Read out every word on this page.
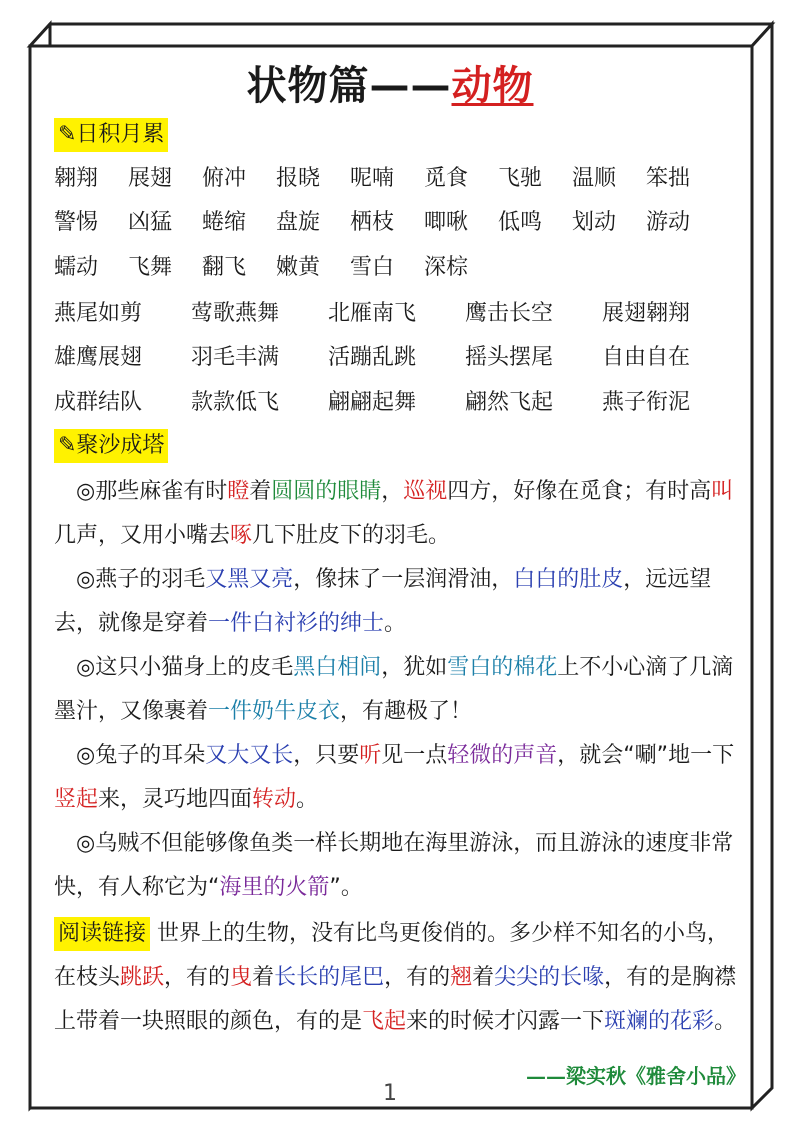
状物篇——动物
✎日积月累
翱翔 展翅 俯冲 报晓 呢喃 觅食 飞驰 温顺 笨拙
警惕 凶猛 蜷缩 盘旋 栖枝 唧啾 低鸣 划动 游动
蠕动 飞舞 翻飞 嫩黄 雪白 深棕
燕尾如剪 莺歌燕舞 北雁南飞 鹰击长空 展翅翱翔
雄鹰展翅 羽毛丰满 活蹦乱跳 摇头摆尾 自由自在
成群结队 款款低飞 翩翩起舞 翩然飞起 燕子衔泥
✎聚沙成塔
◎那些麻雀有时瞪着圆圆的眼睛，巡视四方，好像在觅食；有时高叫几声，又用小嘴去啄几下肚皮下的羽毛。
◎燕子的羽毛又黑又亮，像抹了一层润滑油，白白的肚皮，远远望去，就像是穿着一件白衬衫的绅士。
◎这只小猫身上的皮毛黑白相间，犹如雪白的棉花上不小心滴了几滴墨汁，又像裹着一件奶牛皮衣，有趣极了！
◎兔子的耳朵又大又长，只要听见一点轻微的声音，就会“唰”地一下竖起来，灵巧地四面转动。
◎乌贼不但能够像鱼类一样长期地在海里游泳，而且游泳的速度非常快，有人称它为“海里的火箭”。
阅读链接 世界上的生物，没有比鸟更俊俏的。多少样不知名的小鸟，在枝头跳跃，有的曳着长长的尾巴，有的翘着尖尖的长喙，有的是胸襟上带着一块照眼的颜色，有的是飞起来的时候才闪露一下斑斓的花彩。
——梁实秋《雅舍小品》
1
